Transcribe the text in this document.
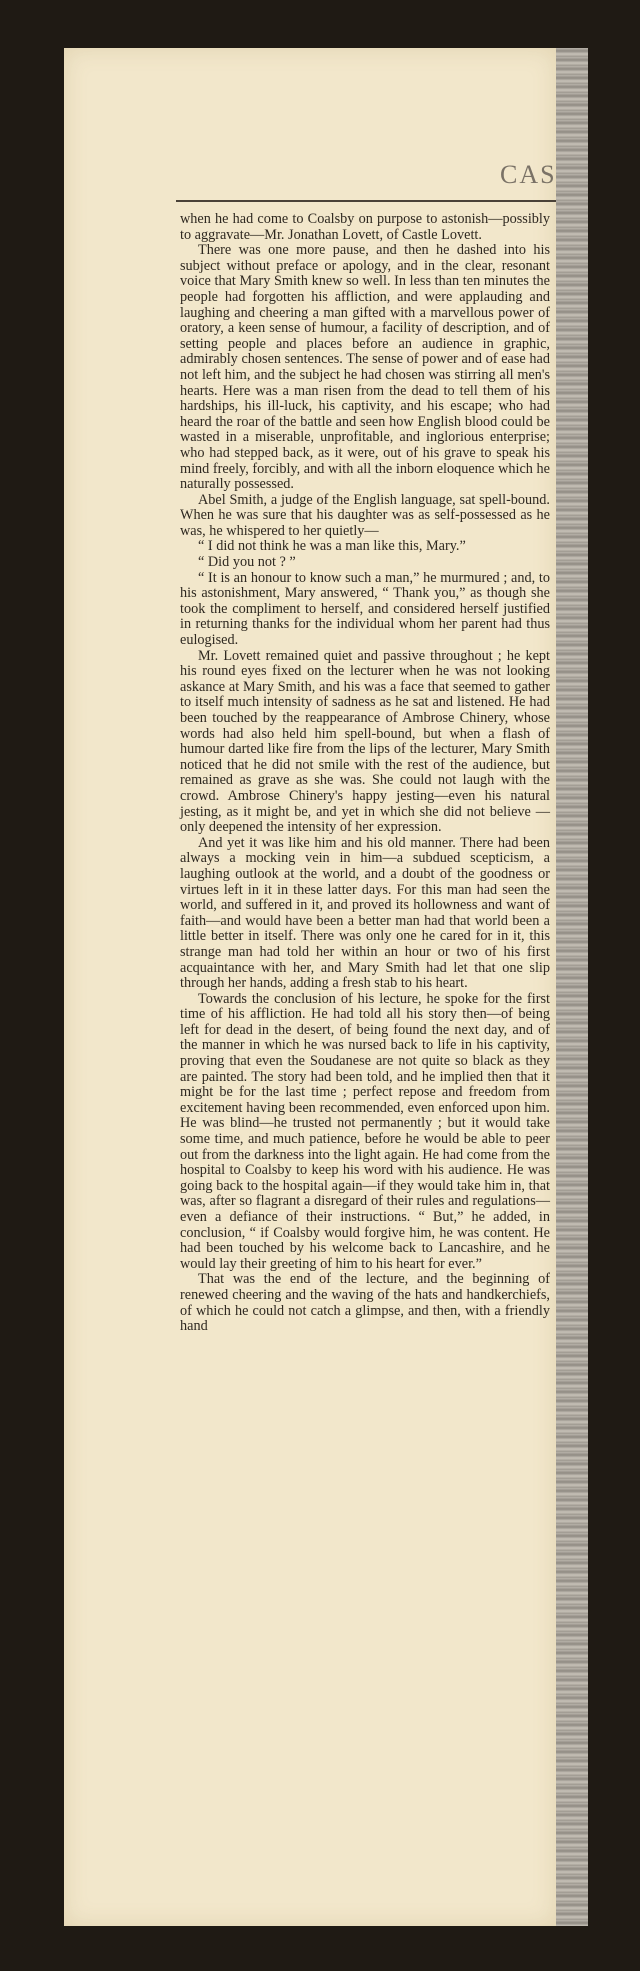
CAS

when he had come to Coalsby on purpose to astonish—possibly to aggravate—Mr. Jonathan Lovett, of Castle Lovett.

There was one more pause, and then he dashed into his subject without preface or apology, and in the clear, resonant voice that Mary Smith knew so well. In less than ten minutes the people had forgotten his affliction, and were applauding and laughing and cheering a man gifted with a marvellous power of oratory, a keen sense of humour, a facility of description, and of setting people and places before an audience in graphic, admirably chosen sentences. The sense of power and of ease had not left him, and the subject he had chosen was stirring all men's hearts. Here was a man risen from the dead to tell them of his hardships, his ill-luck, his captivity, and his escape; who had heard the roar of the battle and seen how English blood could be wasted in a miserable, unprofitable, and inglorious enterprise; who had stepped back, as it were, out of his grave to speak his mind freely, forcibly, and with all the inborn eloquence which he naturally possessed.

Abel Smith, a judge of the English language, sat spell-bound. When he was sure that his daughter was as self-possessed as he was, he whispered to her quietly—

“ I did not think he was a man like this, Mary.”

“ Did you not ? ”

“ It is an honour to know such a man,” he murmured ; and, to his astonishment, Mary answered, “ Thank you,” as though she took the compliment to herself, and considered herself justified in returning thanks for the individual whom her parent had thus eulogised.

Mr. Lovett remained quiet and passive throughout ; he kept his round eyes fixed on the lecturer when he was not looking askance at Mary Smith, and his was a face that seemed to gather to itself much intensity of sadness as he sat and listened. He had been touched by the reappearance of Ambrose Chinery, whose words had also held him spell-bound, but when a flash of humour darted like fire from the lips of the lecturer, Mary Smith noticed that he did not smile with the rest of the audience, but remained as grave as she was. She could not laugh with the crowd. Ambrose Chinery's happy jesting—even his natural jesting, as it might be, and yet in which she did not believe —only deepened the intensity of her expression.

And yet it was like him and his old manner. There had been always a mocking vein in him—a subdued scepticism, a laughing outlook at the world, and a doubt of the goodness or virtues left in it in these latter days. For this man had seen the world, and suffered in it, and proved its hollowness and want of faith—and would have been a better man had that world been a little better in itself. There was only one he cared for in it, this strange man had told her within an hour or two of his first acquaintance with her, and Mary Smith had let that one slip through her hands, adding a fresh stab to his heart.

Towards the conclusion of his lecture, he spoke for the first time of his affliction. He had told all his story then—of being left for dead in the desert, of being found the next day, and of the manner in which he was nursed back to life in his captivity, proving that even the Soudanese are not quite so black as they are painted. The story had been told, and he implied then that it might be for the last time ; perfect repose and freedom from excitement having been recommended, even enforced upon him. He was blind—he trusted not permanently ; but it would take some time, and much patience, before he would be able to peer out from the darkness into the light again. He had come from the hospital to Coalsby to keep his word with his audience. He was going back to the hospital again—if they would take him in, that was, after so flagrant a disregard of their rules and regulations—even a defiance of their instructions. “ But,” he added, in conclusion, “ if Coalsby would forgive him, he was content. He had been touched by his welcome back to Lancashire, and he would lay their greeting of him to his heart for ever.”

That was the end of the lecture, and the beginning of renewed cheering and the waving of the hats and handkerchiefs, of which he could not catch a glimpse, and then, with a friendly hand
